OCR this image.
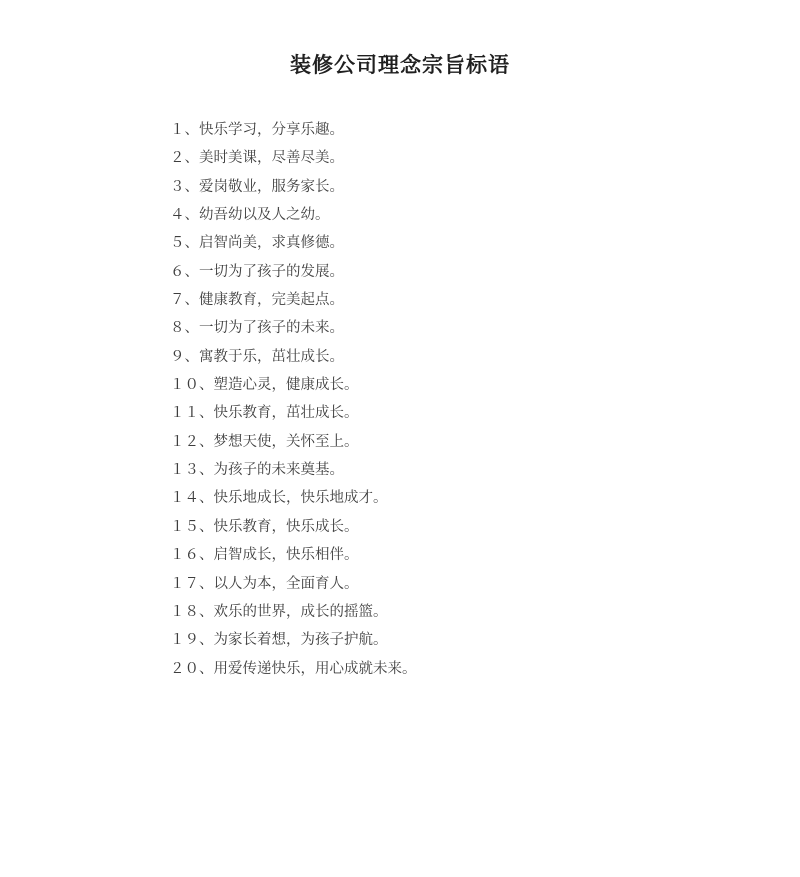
装修公司理念宗旨标语
１、快乐学习，分享乐趣。
２、美时美课，尽善尽美。
３、爱岗敬业，服务家长。
４、幼吾幼以及人之幼。
５、启智尚美，求真修德。
６、一切为了孩子的发展。
７、健康教育，完美起点。
８、一切为了孩子的未来。
９、寓教于乐，茁壮成长。
１０、塑造心灵，健康成长。
１１、快乐教育，茁壮成长。
１２、梦想天使，关怀至上。
１３、为孩子的未来奠基。
１４、快乐地成长，快乐地成才。
１５、快乐教育，快乐成长。
１６、启智成长，快乐相伴。
１７、以人为本，全面育人。
１８、欢乐的世界，成长的摇篮。
１９、为家长着想，为孩子护航。
２０、用爱传递快乐，用心成就未来。
